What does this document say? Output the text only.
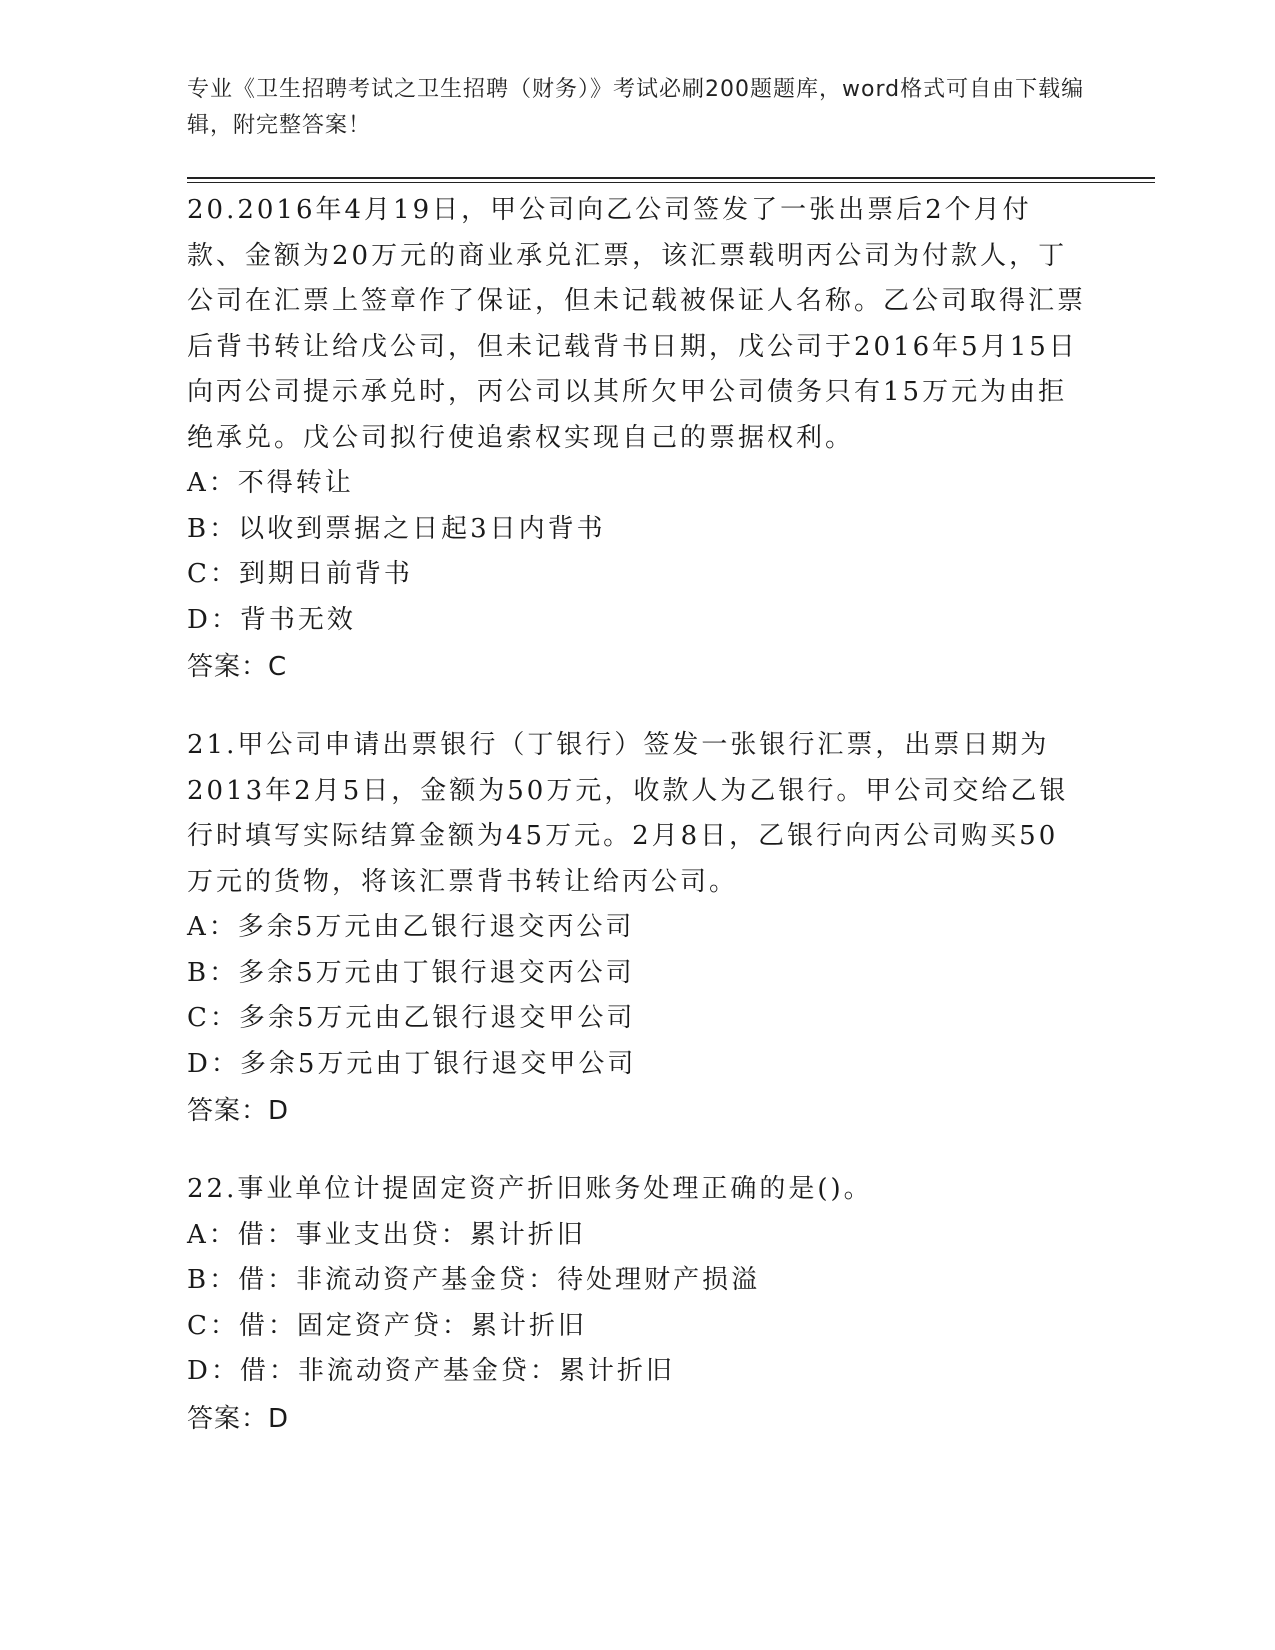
专业《卫生招聘考试之卫生招聘（财务）》考试必刷200题题库，word格式可自由下载编辑，附完整答案！

20.2016年4月19日，甲公司向乙公司签发了一张出票后2个月付款、金额为20万元的商业承兑汇票，该汇票载明丙公司为付款人，丁公司在汇票上签章作了保证，但未记载被保证人名称。乙公司取得汇票后背书转让给戊公司，但未记载背书日期，戊公司于2016年5月15日向丙公司提示承兑时，丙公司以其所欠甲公司债务只有15万元为由拒绝承兑。戊公司拟行使追索权实现自己的票据权利。

A：不得转让

B：以收到票据之日起3日内背书

C：到期日前背书

D：背书无效

答案：C

21.甲公司申请出票银行（丁银行）签发一张银行汇票，出票日期为2013年2月5日，金额为50万元，收款人为乙银行。甲公司交给乙银行时填写实际结算金额为45万元。2月8日，乙银行向丙公司购买50万元的货物，将该汇票背书转让给丙公司。

A：多余5万元由乙银行退交丙公司

B：多余5万元由丁银行退交丙公司

C：多余5万元由乙银行退交甲公司

D：多余5万元由丁银行退交甲公司

答案：D

22.事业单位计提固定资产折旧账务处理正确的是()。

A：借：事业支出贷：累计折旧

B：借：非流动资产基金贷：待处理财产损溢

C：借：固定资产贷：累计折旧

D：借：非流动资产基金贷：累计折旧

答案：D
